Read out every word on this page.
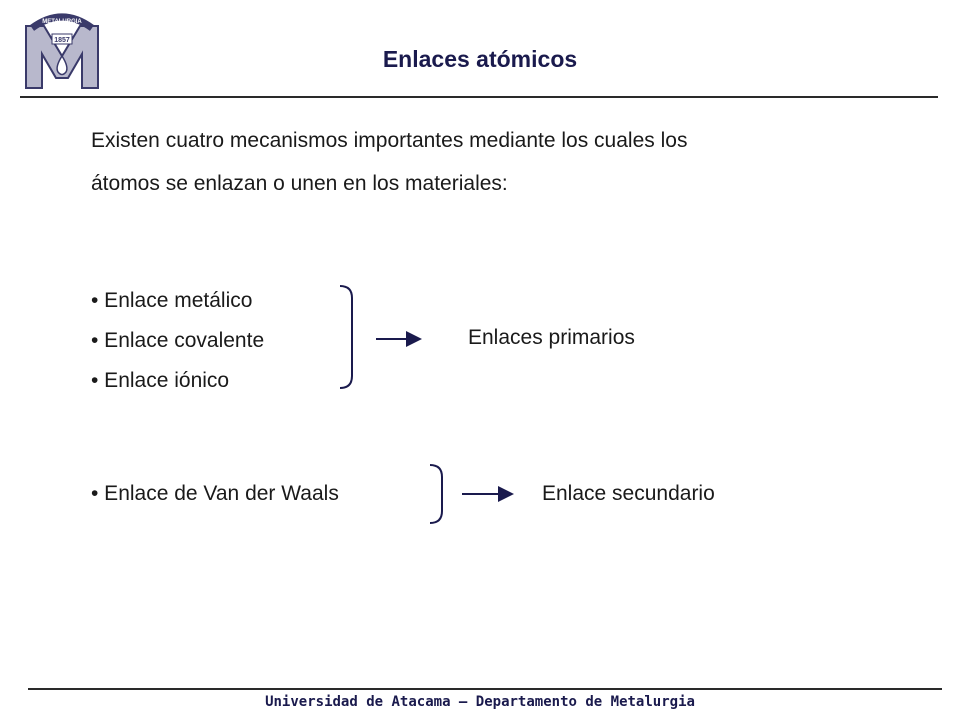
METALURGIA
1857
Enlaces atómicos
Existen cuatro mecanismos importantes mediante los cuales los
átomos se enlazan o unen en los materiales:
• Enlace metálico
• Enlace covalente
• Enlace iónico
Enlaces primarios
• Enlace de Van der Waals	Enlace secundario
Universidad de Atacama – Departamento de Metalurgia
